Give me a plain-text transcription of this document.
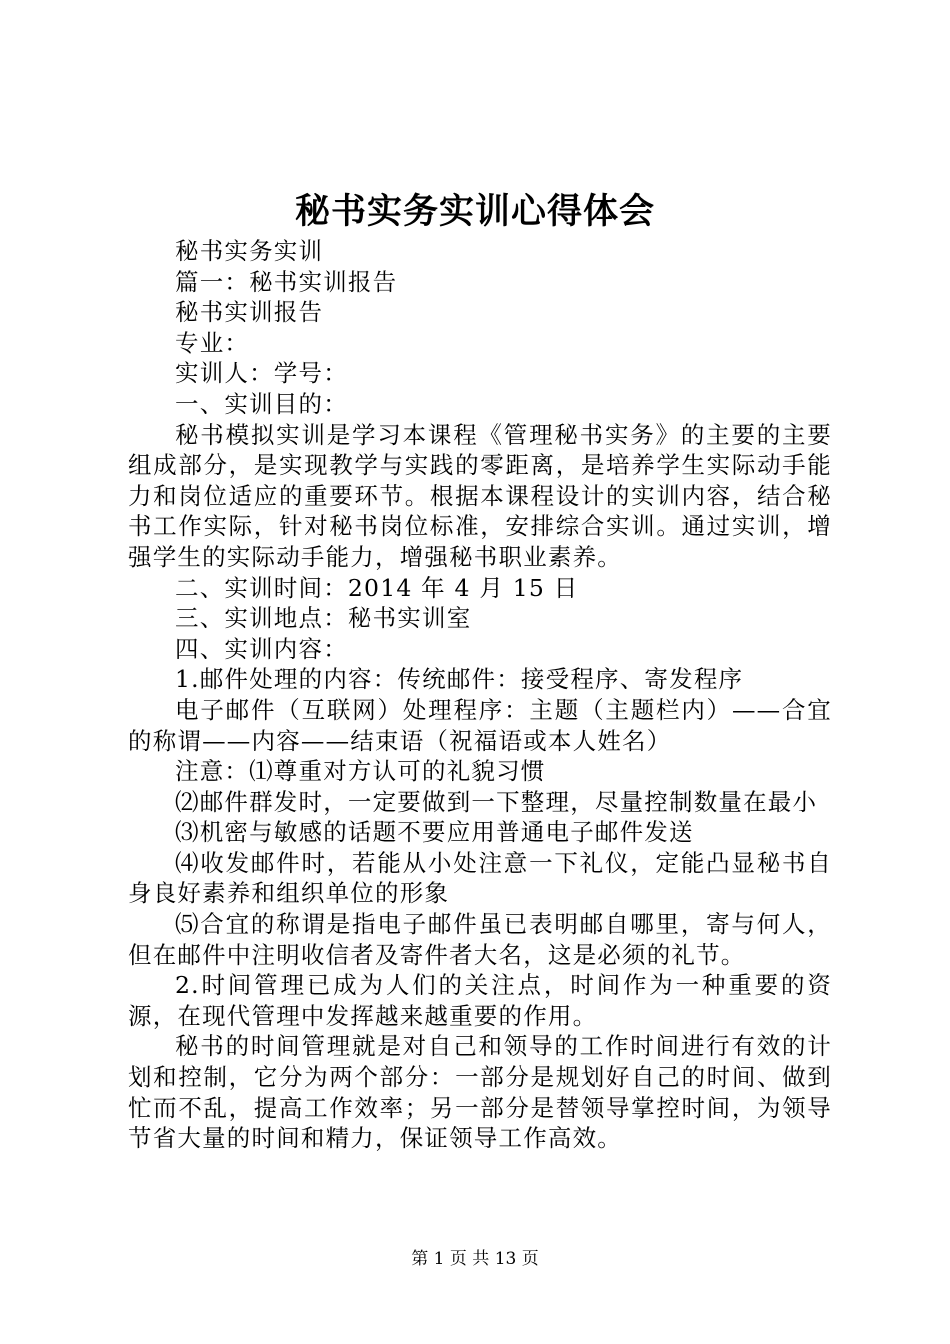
秘书实务实训心得体会

秘书实务实训

篇一：秘书实训报告

秘书实训报告

专业：

实训人：学号：

一、实训目的：

秘书模拟实训是学习本课程《管理秘书实务》的主要的主要组成部分，是实现教学与实践的零距离，是培养学生实际动手能力和岗位适应的重要环节。根据本课程设计的实训内容，结合秘书工作实际，针对秘书岗位标准，安排综合实训。通过实训，增强学生的实际动手能力，增强秘书职业素养。

二、实训时间：2014 年 4 月 15 日

三、实训地点：秘书实训室

四、实训内容：

1.邮件处理的内容：传统邮件：接受程序、寄发程序

电子邮件（互联网）处理程序：主题（主题栏内）——合宜的称谓——内容——结束语（祝福语或本人姓名）

注意：⑴尊重对方认可的礼貌习惯

⑵邮件群发时，一定要做到一下整理，尽量控制数量在最小

⑶机密与敏感的话题不要应用普通电子邮件发送

⑷收发邮件时，若能从小处注意一下礼仪，定能凸显秘书自身良好素养和组织单位的形象

⑸合宜的称谓是指电子邮件虽已表明邮自哪里，寄与何人，但在邮件中注明收信者及寄件者大名，这是必须的礼节。

2.时间管理已成为人们的关注点，时间作为一种重要的资源，在现代管理中发挥越来越重要的作用。

秘书的时间管理就是对自己和领导的工作时间进行有效的计划和控制，它分为两个部分：一部分是规划好自己的时间、做到忙而不乱，提高工作效率；另一部分是替领导掌控时间，为领导节省大量的时间和精力，保证领导工作高效。

第 1 页 共 13 页
